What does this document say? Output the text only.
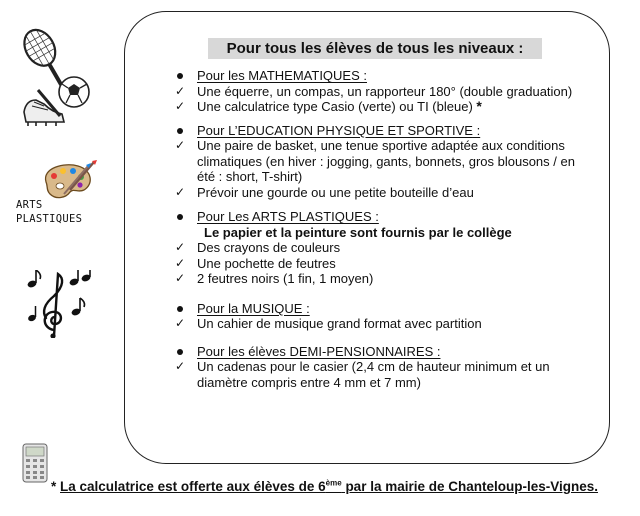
Pour tous les élèves de tous les niveaux :
ARTS
PLASTIQUES
Pour les MATHEMATIQUES :
✓ Une équerre, un compas, un rapporteur 180° (double graduation)
✓ Une calculatrice type Casio (verte) ou TI (bleue) *
Pour L’EDUCATION PHYSIQUE ET SPORTIVE :
✓ Une paire de basket, une tenue sportive adaptée aux conditions climatiques (en hiver : jogging, gants, bonnets, gros blousons / en été : short, T-shirt)
✓ Prévoir une gourde ou une petite bouteille d’eau
Pour Les ARTS PLASTIQUES :
Le papier et la peinture sont fournis par le collège
✓ Des crayons de couleurs
✓ Une pochette de feutres
✓ 2 feutres noirs (1 fin, 1 moyen)
Pour la MUSIQUE :
✓ Un cahier de musique grand format avec partition
Pour les élèves DEMI-PENSIONNAIRES :
✓ Un cadenas pour le casier (2,4 cm de hauteur minimum et un diamètre compris entre 4 mm et 7 mm)
* La calculatrice est offerte aux élèves de 6ème par la mairie de Chanteloup-les-Vignes.
